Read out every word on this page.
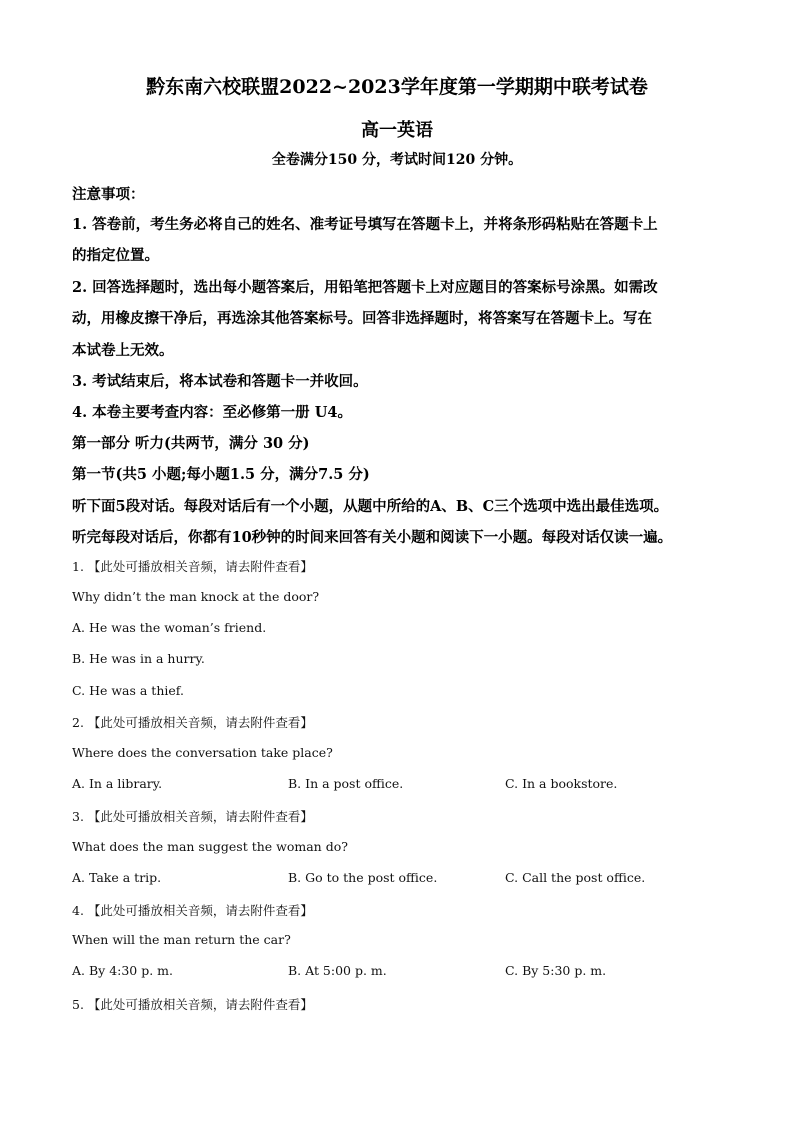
黔东南六校联盟2022~2023学年度第一学期期中联考试卷
高一英语
全卷满分150 分，考试时间120 分钟。
注意事项：
1. 答卷前，考生务必将自己的姓名、准考证号填写在答题卡上，并将条形码粘贴在答题卡上
的指定位置。
2. 回答选择题时，选出每小题答案后，用铅笔把答题卡上对应题目的答案标号涂黑。如需改
动，用橡皮擦干净后，再选涂其他答案标号。回答非选择题时，将答案写在答题卡上。写在
本试卷上无效。
3. 考试结束后，将本试卷和答题卡一并收回。
4. 本卷主要考查内容：至必修第一册 U4。
第一部分 听力(共两节，满分 30 分)
第一节(共5 小题;每小题1.5 分，满分7.5 分)
听下面5段对话。每段对话后有一个小题，从题中所给的A、B、C三个选项中选出最佳选项。
听完每段对话后，你都有10秒钟的时间来回答有关小题和阅读下一小题。每段对话仅读一遍。
1. 【此处可播放相关音频，请去附件查看】
Why didn’t the man knock at the door?
A. He was the woman’s friend.
B. He was in a hurry.
C. He was a thief.
2. 【此处可播放相关音频，请去附件查看】
Where does the conversation take place?
A. In a library.	B. In a post office.	C. In a bookstore.
3. 【此处可播放相关音频，请去附件查看】
What does the man suggest the woman do?
A. Take a trip.	B. Go to the post office.	C. Call the post office.
4. 【此处可播放相关音频，请去附件查看】
When will the man return the car?
A. By 4:30 p. m.	B. At 5:00 p. m.	C. By 5:30 p. m.
5. 【此处可播放相关音频，请去附件查看】
